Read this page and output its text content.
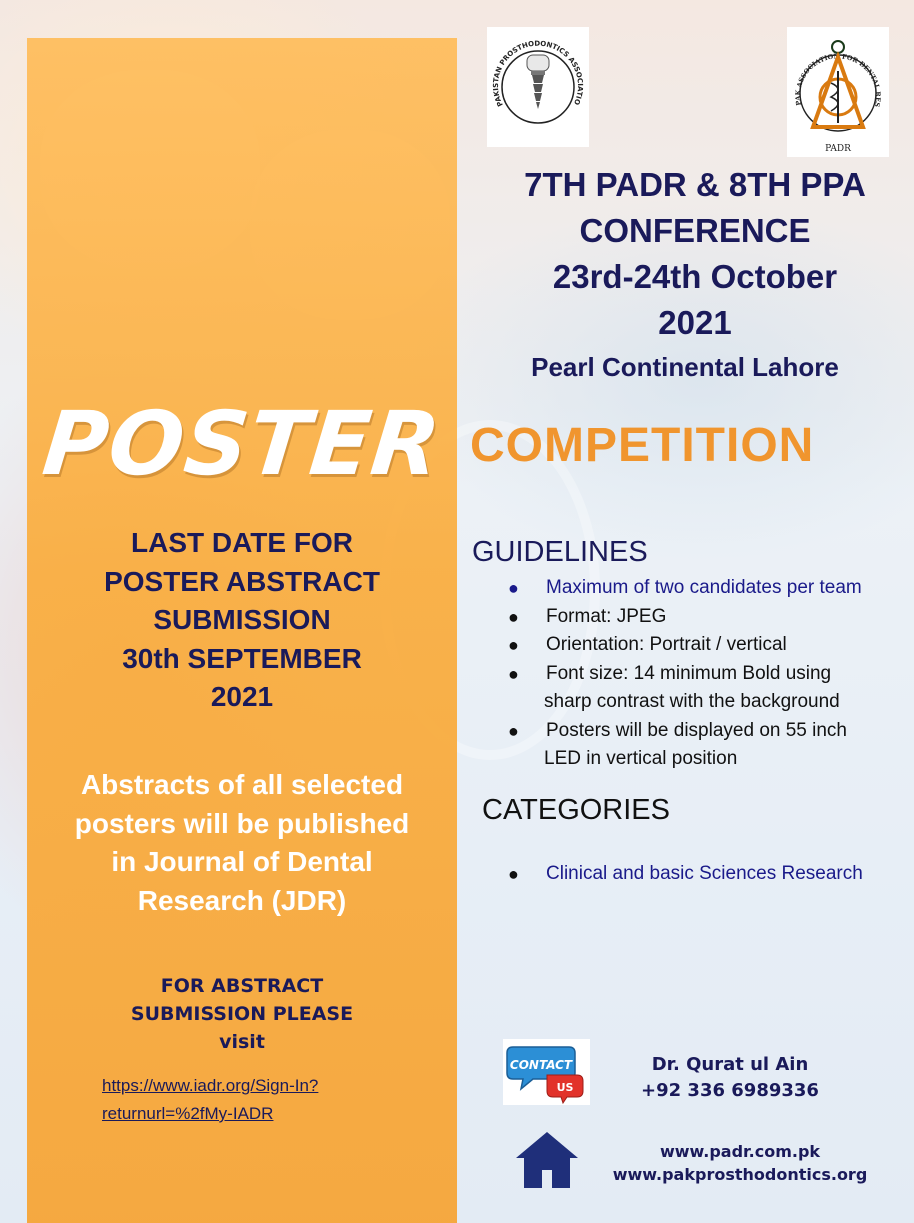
POSTER
LAST DATE FOR
POSTER ABSTRACT
SUBMISSION
30th SEPTEMBER
2021
Abstracts of all selected
posters will be published
in Journal of Dental
Research (JDR)
FOR ABSTRACT
SUBMISSION PLEASE
visit
https://www.iadr.org/Sign-In?
returnurl=%2fMy-IADR
PAKISTAN PROSTHODONTICS ASSOCIATIO	PAK ASSOCIATION FOR DENTAL RES
PADR
7TH PADR & 8TH PPA
CONFERENCE
23rd-24th October
2021
Pearl Continental Lahore
COMPETITION
GUIDELINES
● Maximum of two candidates per team
● Format: JPEG
● Orientation: Portrait / vertical
● Font size: 14 minimum Bold using
sharp contrast with the background
● Posters will be displayed on 55 inch
LED in vertical position
CATEGORIES
● Clinical and basic Sciences Research
CONTACT
US
Dr. Qurat ul Ain
+92 336 6989336
www.padr.com.pk
www.pakprosthodontics.org
